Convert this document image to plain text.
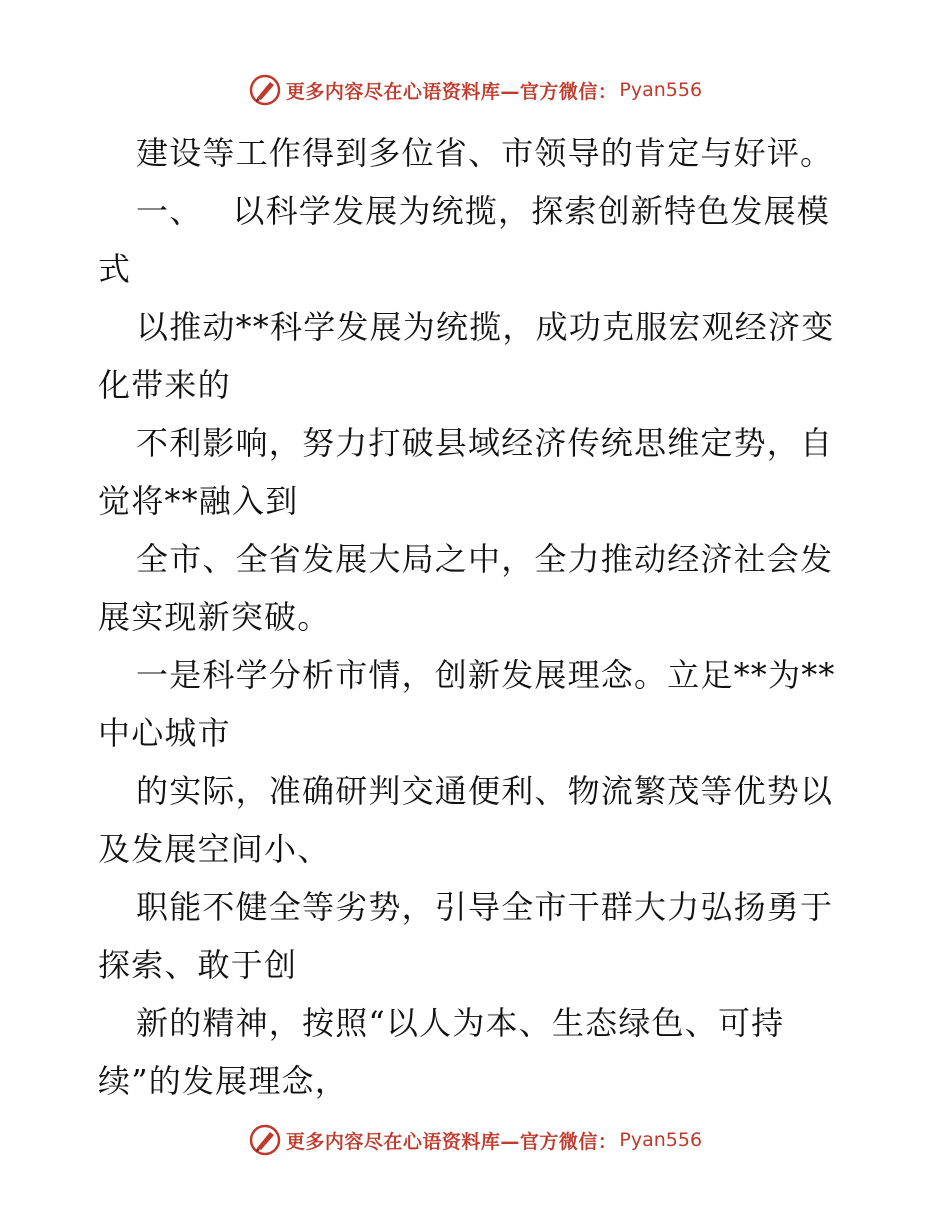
更多内容尽在心语资料库—官方微信： Pyan556
建设等工作得到多位省、市领导的肯定与好评。
一、 以科学发展为统揽，探索创新特色发展模
式
以推动**科学发展为统揽，成功克服宏观经济变
化带来的
不利影响，努力打破县域经济传统思维定势，自
觉将**融入到
全市、全省发展大局之中，全力推动经济社会发
展实现新突破。
一是科学分析市情，创新发展理念。立足**为**
中心城市
的实际，准确研判交通便利、物流繁茂等优势以
及发展空间小、
职能不健全等劣势，引导全市干群大力弘扬勇于
探索、敢于创
新的精神，按照“以人为本、生态绿色、可持
续”的发展理念，
更多内容尽在心语资料库—官方微信： Pyan556
